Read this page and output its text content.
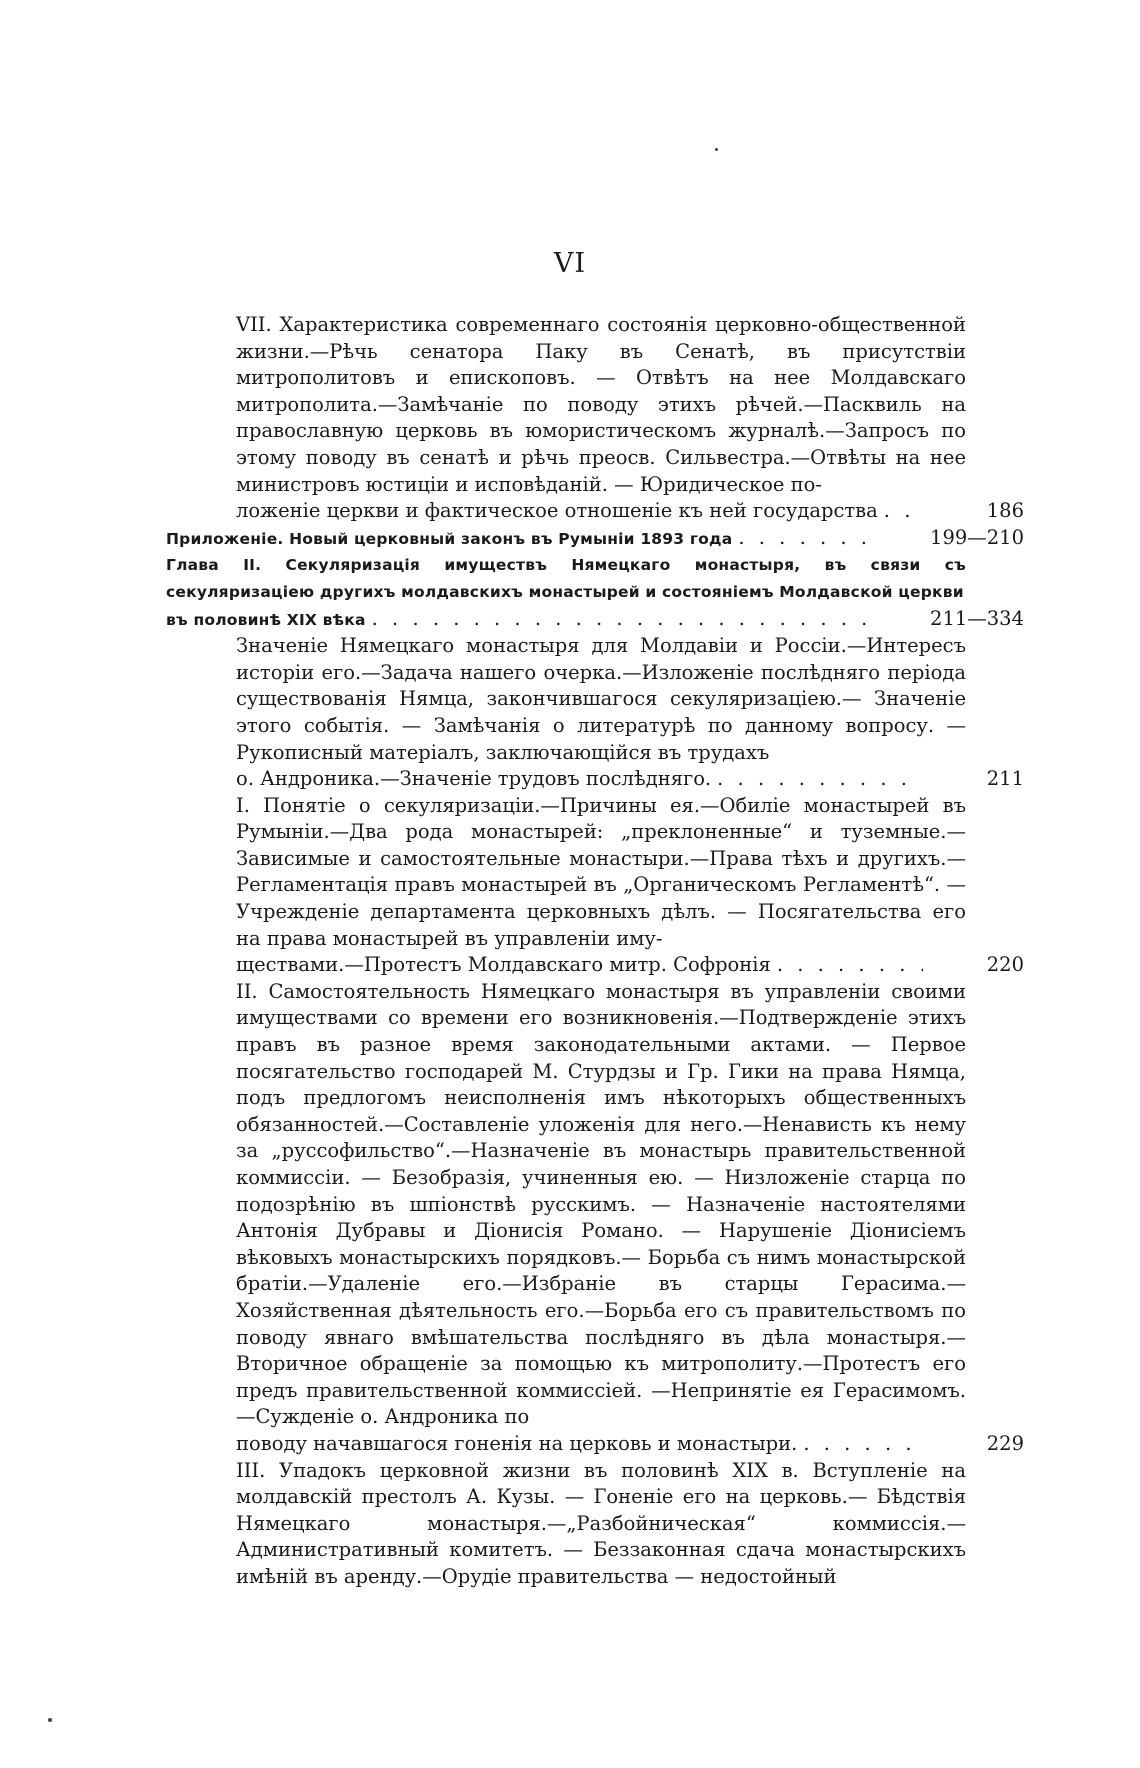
VI
VII. Характеристика современнаго состоянія церковно-общественной жизни.—Рѣчь сенатора Паку въ Сенатѣ, въ присутствіи митрополитовъ и епископовъ. — Отвѣтъ на нее Молдавскаго митрополита.—Замѣчаніе по поводу этихъ рѣчей.—Пасквиль на православную церковь въ юмористическомъ журналѣ.—Запросъ по этому поводу въ сенатѣ и рѣчь преосв. Сильвестра.—Отвѣты на нее министровъ юстиціи и исповѣданій. — Юридическое по-
ложеніе церкви и фактическое отношеніе къ ней государства . . .	186
Приложеніе. Новый церковный законъ въ Румыніи 1893 года . . .	199—210
Глава II. Секуляризація имуществъ Нямецкаго монастыря, въ связи съ секуляризаціею другихъ молдавскихъ монастырей и состояніемъ Молдавской церкви
въ половинѣ XIX вѣка . . .	211—334
Значеніе Нямецкаго монастыря для Молдавіи и Россіи.—Интересъ исторіи его.—Задача нашего очерка.—Изложеніе послѣдняго періода существованія Нямца, закончившагося секуляризаціею.— Значеніе этого событія. — Замѣчанія о литературѣ по данному вопросу. — Рукописный матеріалъ, заключающійся въ трудахъ
о. Андроника.—Значеніе трудовъ послѣдняго. . . .	211
I. Понятіе о секуляризаціи.—Причины ея.—Обиліе монастырей въ Румыніи.—Два рода монастырей: „преклоненные“ и туземные.—Зависимые и самостоятельные монастыри.—Права тѣхъ и другихъ.—Регламентація правъ монастырей въ „Органическомъ Регламентѣ“. — Учрежденіе департамента церковныхъ дѣлъ. — Посягательства его на права монастырей въ управленіи иму-
ществами.—Протестъ Молдавскаго митр. Софронія . . .	220
II. Самостоятельность Нямецкаго монастыря въ управленіи своими имуществами со времени его возникновенія.—Подтвержденіе этихъ правъ въ разное время законодательными актами. — Первое посягательство господарей М. Стурдзы и Гр. Гики на права Нямца, подъ предлогомъ неисполненія имъ нѣкоторыхъ общественныхъ обязанностей.—Составленіе уложенія для него.—Ненависть къ нему за „руссофильство“.—Назначеніе въ монастырь правительственной коммиссіи. — Безобразія, учиненныя ею. — Низложеніе старца по подозрѣнію въ шпіонствѣ русскимъ. — Назначеніе настоятелями Антонія Дубравы и Діонисія Романо. — Нарушеніе Діонисіемъ вѣковыхъ монастырскихъ порядковъ.— Борьба съ нимъ монастырской братіи.—Удаленіе его.—Избраніе въ старцы Герасима.—Хозяйственная дѣятельность его.—Борьба его съ правительствомъ по поводу явнаго вмѣшательства послѣдняго въ дѣла монастыря.—Вторичное обращеніе за помощью къ митрополиту.—Протестъ его предъ правительственной коммиссіей. —Непринятіе ея Герасимомъ.—Сужденіе о. Андроника по
поводу начавшагося гоненія на церковь и монастыри. . . .	229
III. Упадокъ церковной жизни въ половинѣ XIX в. Вступленіе на молдавскій престолъ А. Кузы. — Гоненіе его на церковь.— Бѣдствія Нямецкаго монастыря.—„Разбойническая“ коммиссія.— Административный комитетъ. — Беззаконная сдача монастырскихъ имѣній въ аренду.—Орудіе правительства — недостойный
